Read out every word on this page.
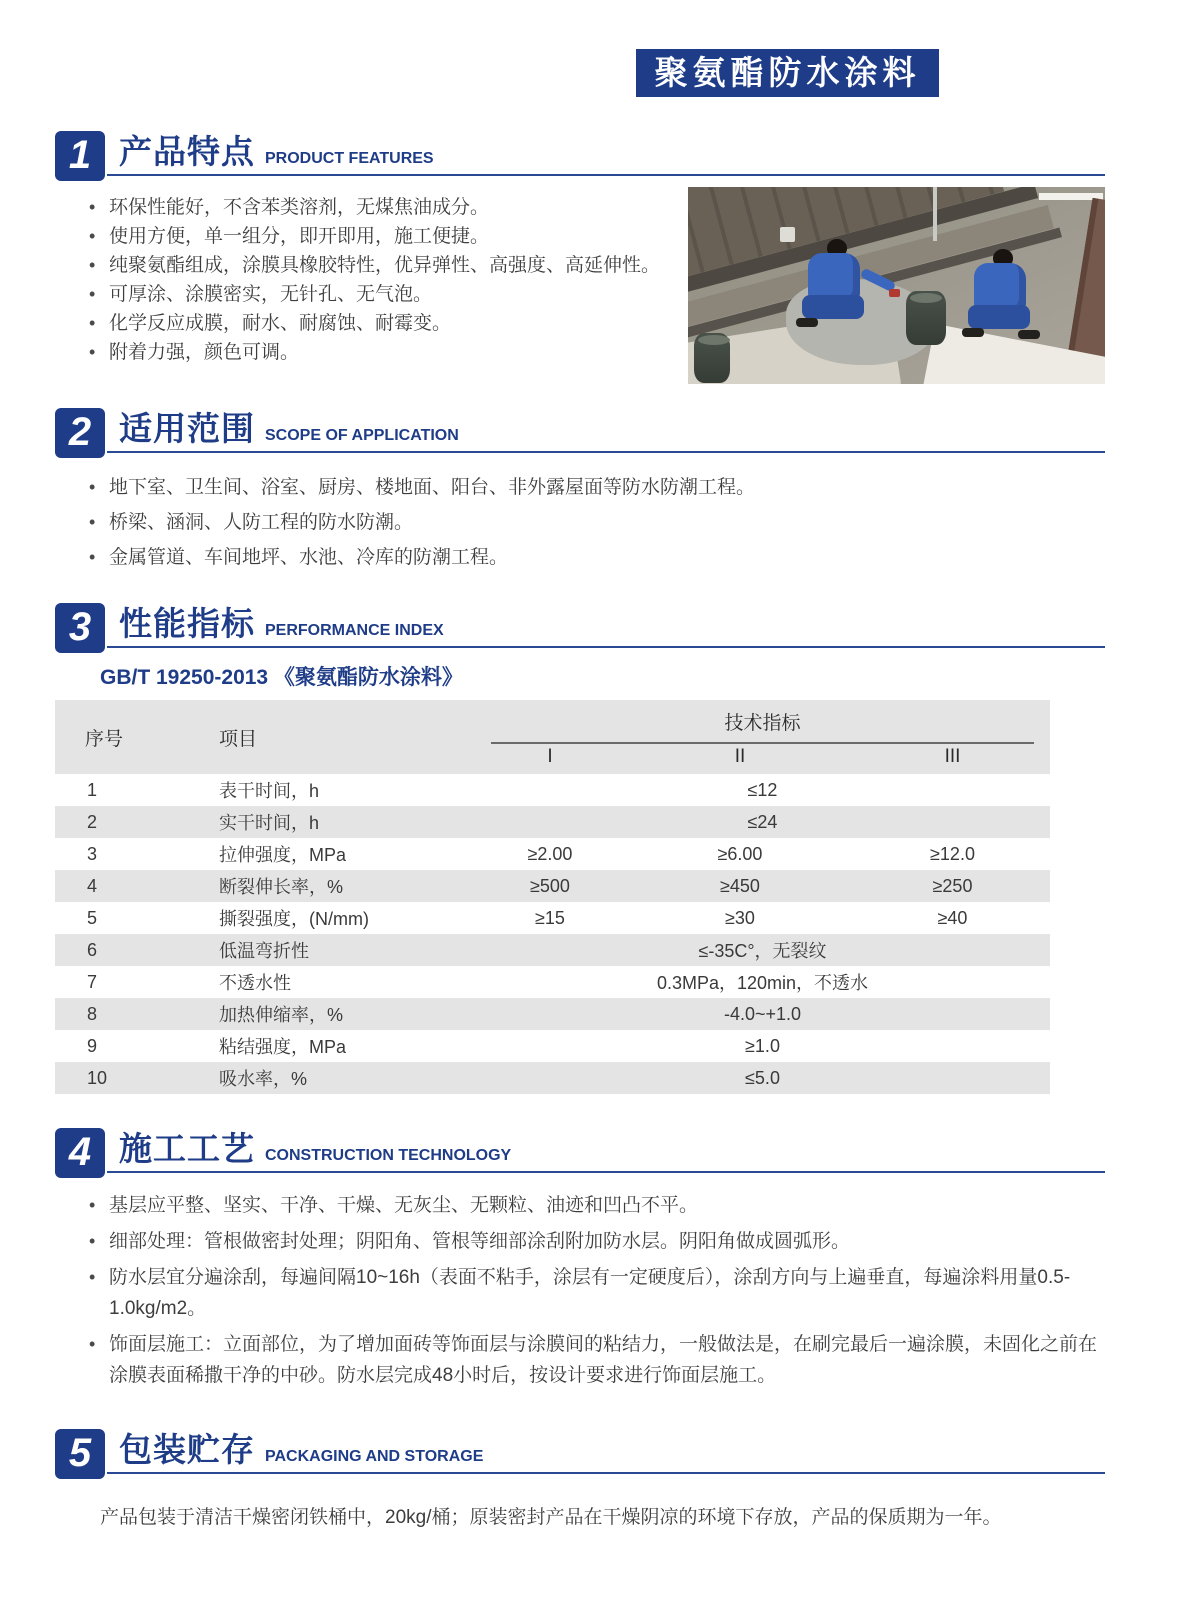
聚氨酯防水涂料
1 产品特点 PRODUCT FEATURES
• 环保性能好，不含苯类溶剂，无煤焦油成分。
• 使用方便，单一组分，即开即用，施工便捷。
• 纯聚氨酯组成，涂膜具橡胶特性，优异弹性、高强度、高延伸性。
• 可厚涂、涂膜密实，无针孔、无气泡。
• 化学反应成膜，耐水、耐腐蚀、耐霉变。
• 附着力强，颜色可调。
2 适用范围 SCOPE OF APPLICATION
• 地下室、卫生间、浴室、厨房、楼地面、阳台、非外露屋面等防水防潮工程。
• 桥梁、涵洞、人防工程的防水防潮。
• 金属管道、车间地坪、水池、冷库的防潮工程。
3 性能指标 PERFORMANCE INDEX
GB/T 19250-2013 《聚氨酯防水涂料》
序号	项目	技术指标		

		I	II	III
1	表干时间，h	≤12		
2	实干时间，h	≤24		
3	拉伸强度，MPa	≥2.00	≥6.00	≥12.0
4	断裂伸长率，%	≥500	≥450	≥250
5	撕裂强度，(N/mm)	≥15	≥30	≥40
6	低温弯折性	≤-35C°，无裂纹		
7	不透水性	0.3MPa，120min，不透水		
8	加热伸缩率，%	-4.0~+1.0		
9	粘结强度，MPa	≥1.0		
10	吸水率，%	≤5.0		
4 施工工艺 CONSTRUCTION TECHNOLOGY
• 基层应平整、坚实、干净、干燥、无灰尘、无颗粒、油迹和凹凸不平。
• 细部处理：管根做密封处理；阴阳角、管根等细部涂刮附加防水层。阴阳角做成圆弧形。
• 防水层宜分遍涂刮，每遍间隔10~16h（表面不粘手，涂层有一定硬度后），涂刮方向与上遍垂直，每遍涂料用量0.5-1.0kg/m2。
• 饰面层施工：立面部位，为了增加面砖等饰面层与涂膜间的粘结力，一般做法是，在刷完最后一遍涂膜，未固化之前在涂膜表面稀撒干净的中砂。防水层完成48小时后，按设计要求进行饰面层施工。
5 包装贮存 PACKAGING AND STORAGE

产品包装于清洁干燥密闭铁桶中，20kg/桶；原装密封产品在干燥阴凉的环境下存放，产品的保质期为一年。
